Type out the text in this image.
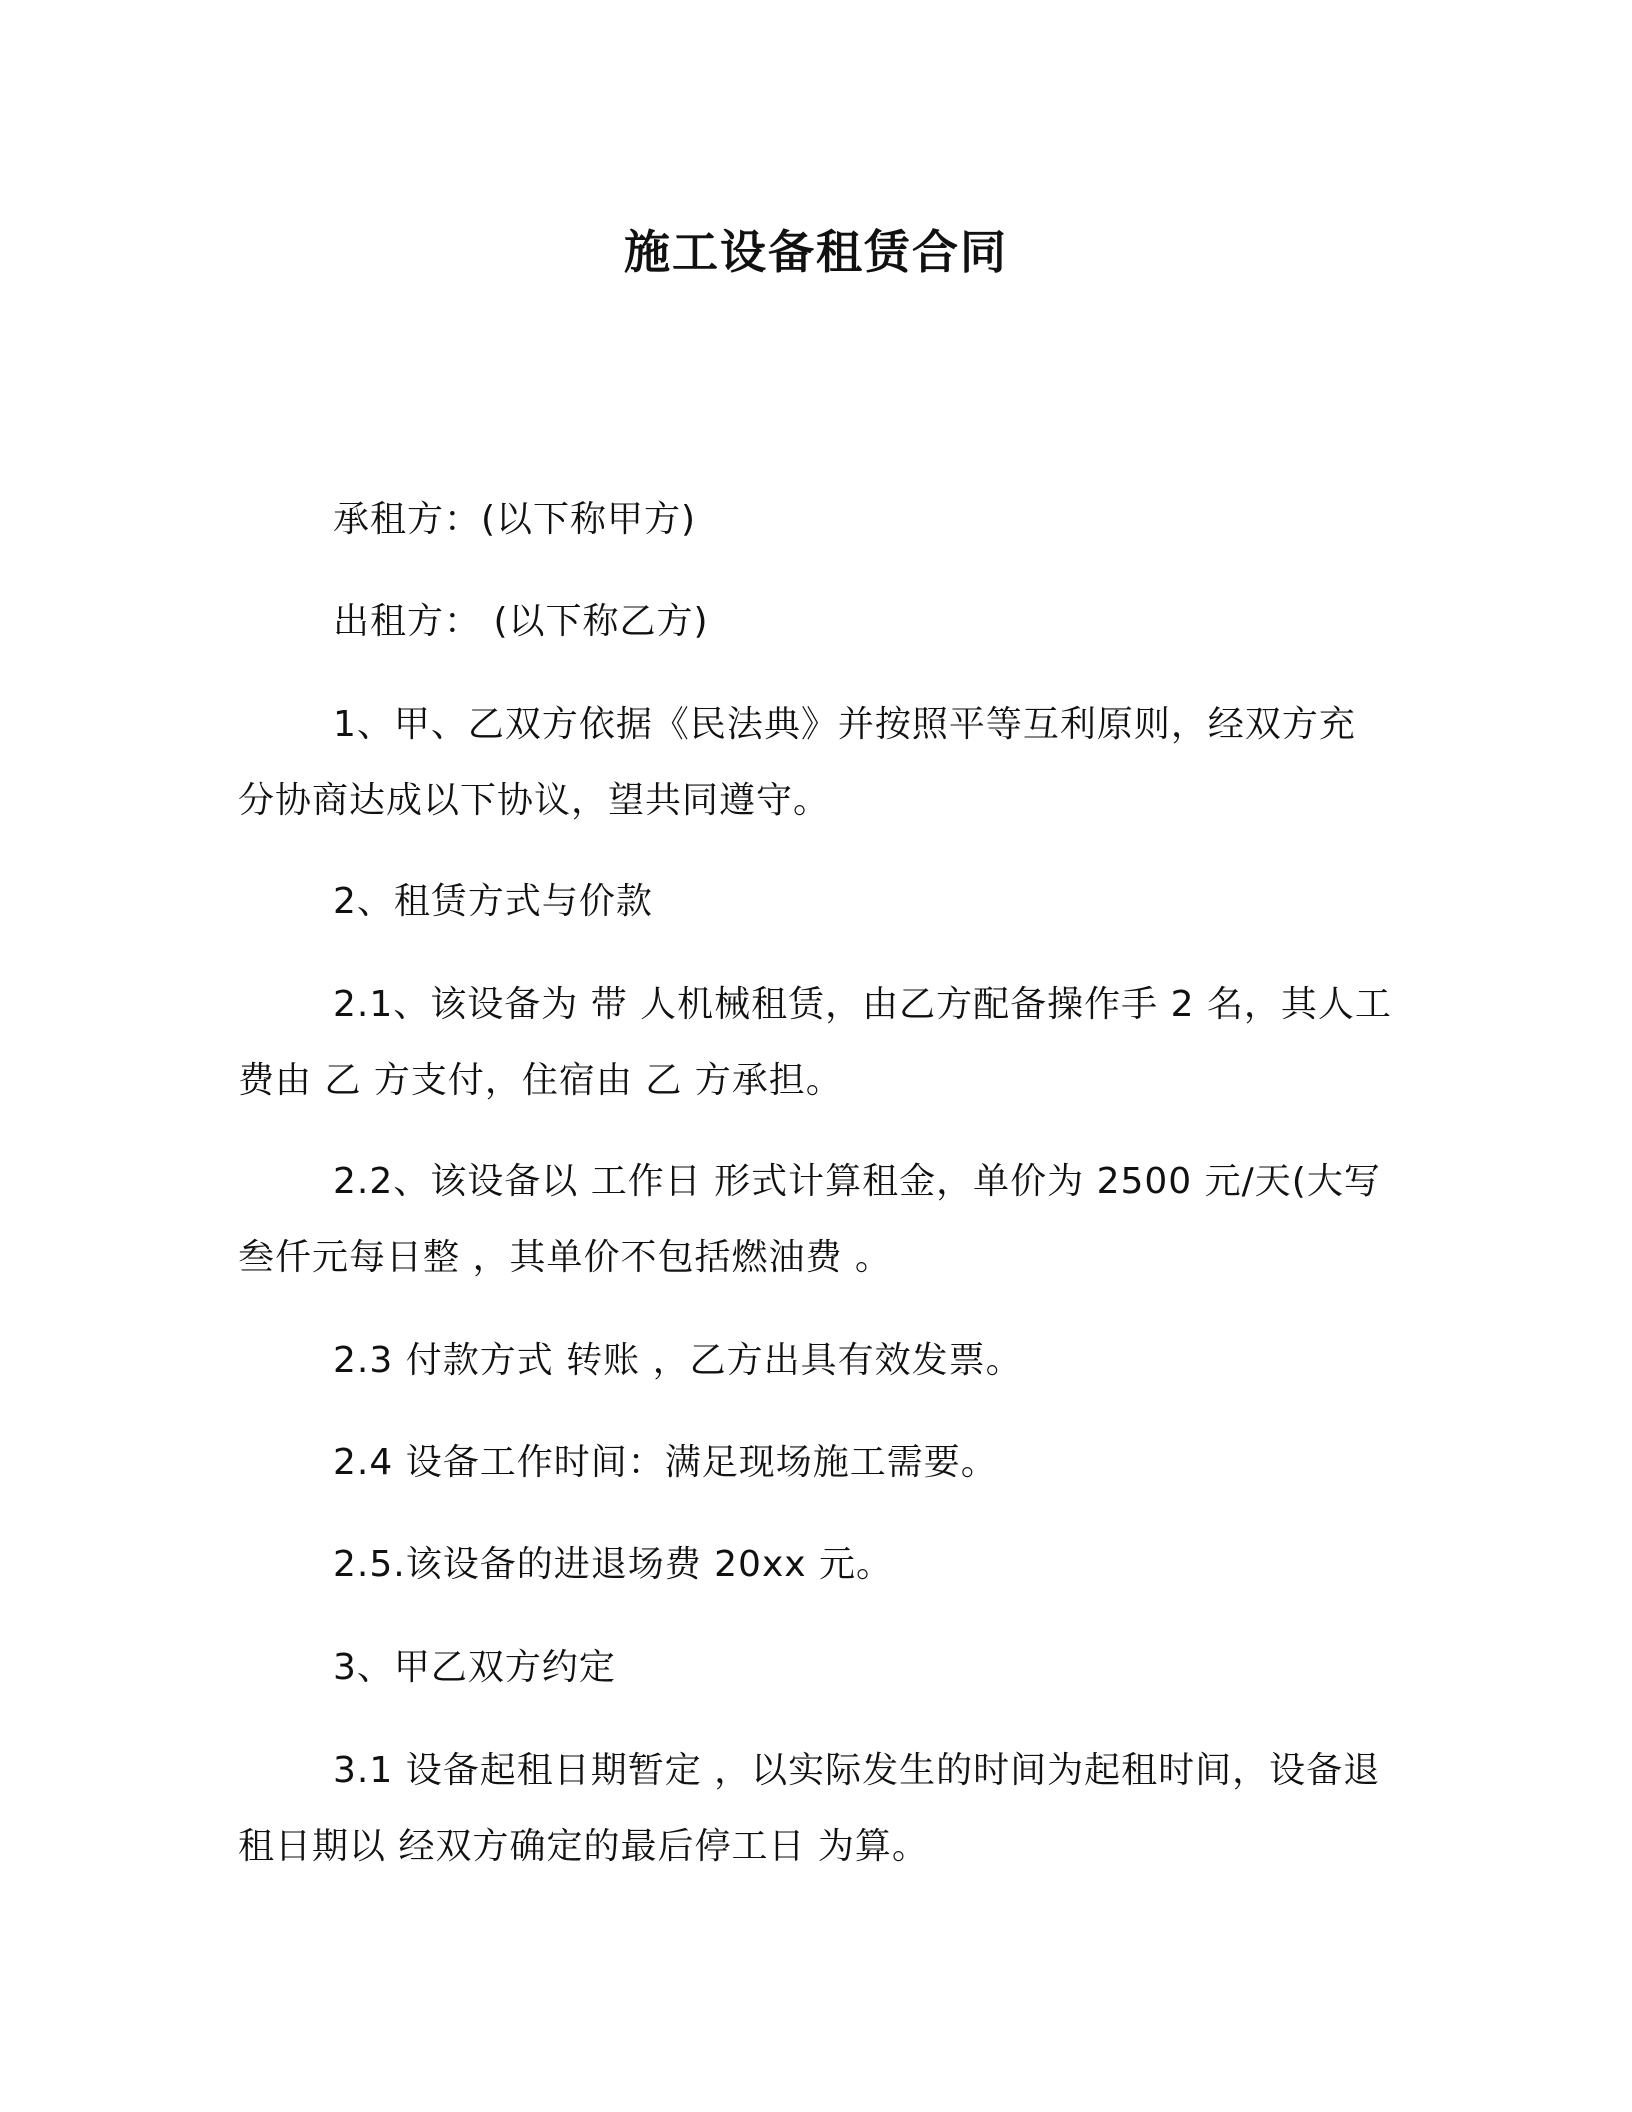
施工设备租赁合同
承租方：(以下称甲方)
出租方： (以下称乙方)
1、甲、乙双方依据《民法典》并按照平等互利原则，经双方充
分协商达成以下协议，望共同遵守。
2、租赁方式与价款
2.1、该设备为 带 人机械租赁，由乙方配备操作手 2 名，其人工
费由 乙 方支付，住宿由 乙 方承担。
2.2、该设备以 工作日 形式计算租金，单价为 2500 元/天(大写
叁仟元每日整 ，其单价不包括燃油费 。
2.3 付款方式 转账 ，乙方出具有效发票。
2.4 设备工作时间：满足现场施工需要。
2.5.该设备的进退场费 20xx 元。
3、甲乙双方约定
3.1 设备起租日期暂定 ，以实际发生的时间为起租时间，设备退
租日期以 经双方确定的最后停工日 为算。
